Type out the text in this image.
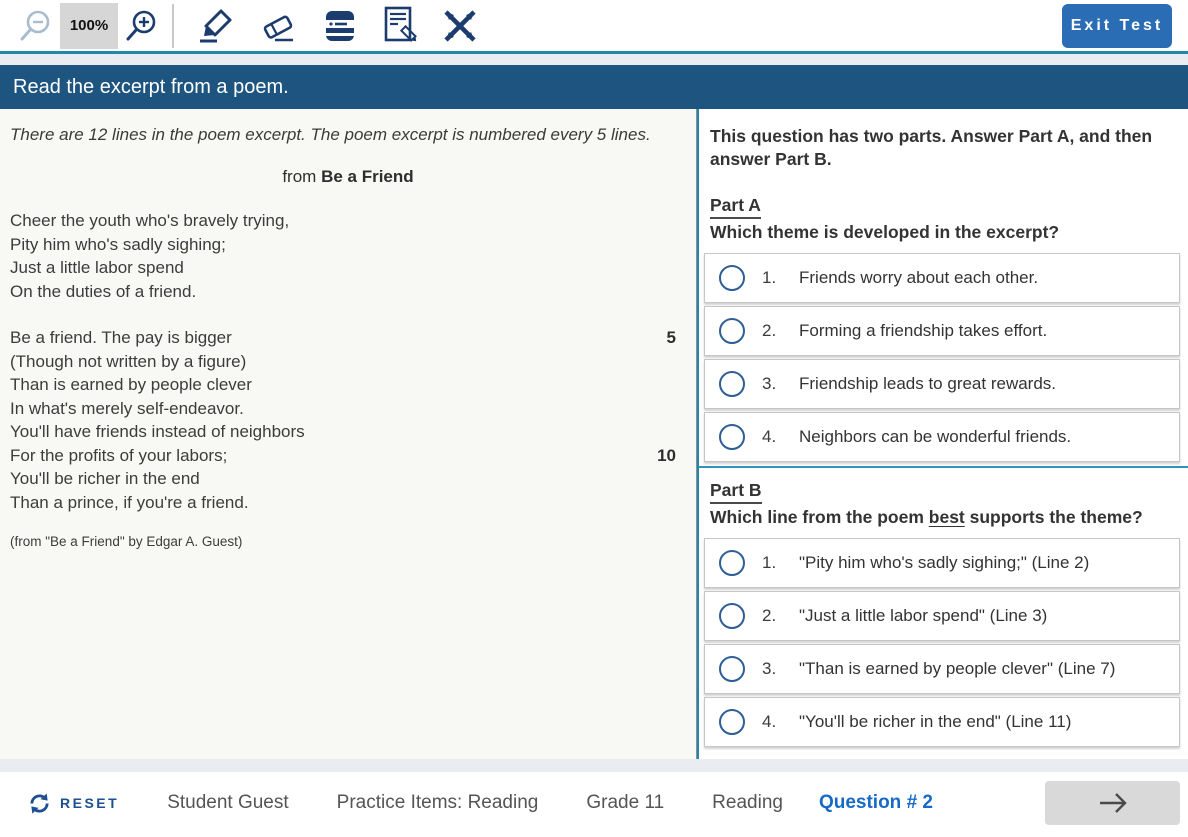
100%	Exit Test
Read the excerpt from a poem.
There are 12 lines in the poem excerpt. The poem excerpt is numbered every 5 lines.
from Be a Friend
Cheer the youth who's bravely trying,
Pity him who's sadly sighing;
Just a little labor spend
On the duties of a friend.
Be a friend. The pay is bigger	5
(Though not written by a figure)
Than is earned by people clever
In what's merely self-endeavor.
You'll have friends instead of neighbors
For the profits of your labors;	10
You'll be richer in the end
Than a prince, if you're a friend.
(from "Be a Friend" by Edgar A. Guest)
This question has two parts. Answer Part A, and then answer Part B.
Part A
Which theme is developed in the excerpt?
1.	Friends worry about each other.
2.	Forming a friendship takes effort.
3.	Friendship leads to great rewards.
4.	Neighbors can be wonderful friends.
Part B
Which line from the poem best supports the theme?
1.	"Pity him who's sadly sighing;" (Line 2)
2.	"Just a little labor spend" (Line 3)
3.	"Than is earned by people clever" (Line 7)
4.	"You'll be richer in the end" (Line 11)
RESET	Student Guest	Practice Items: Reading	Grade 11	Reading Question # 2
